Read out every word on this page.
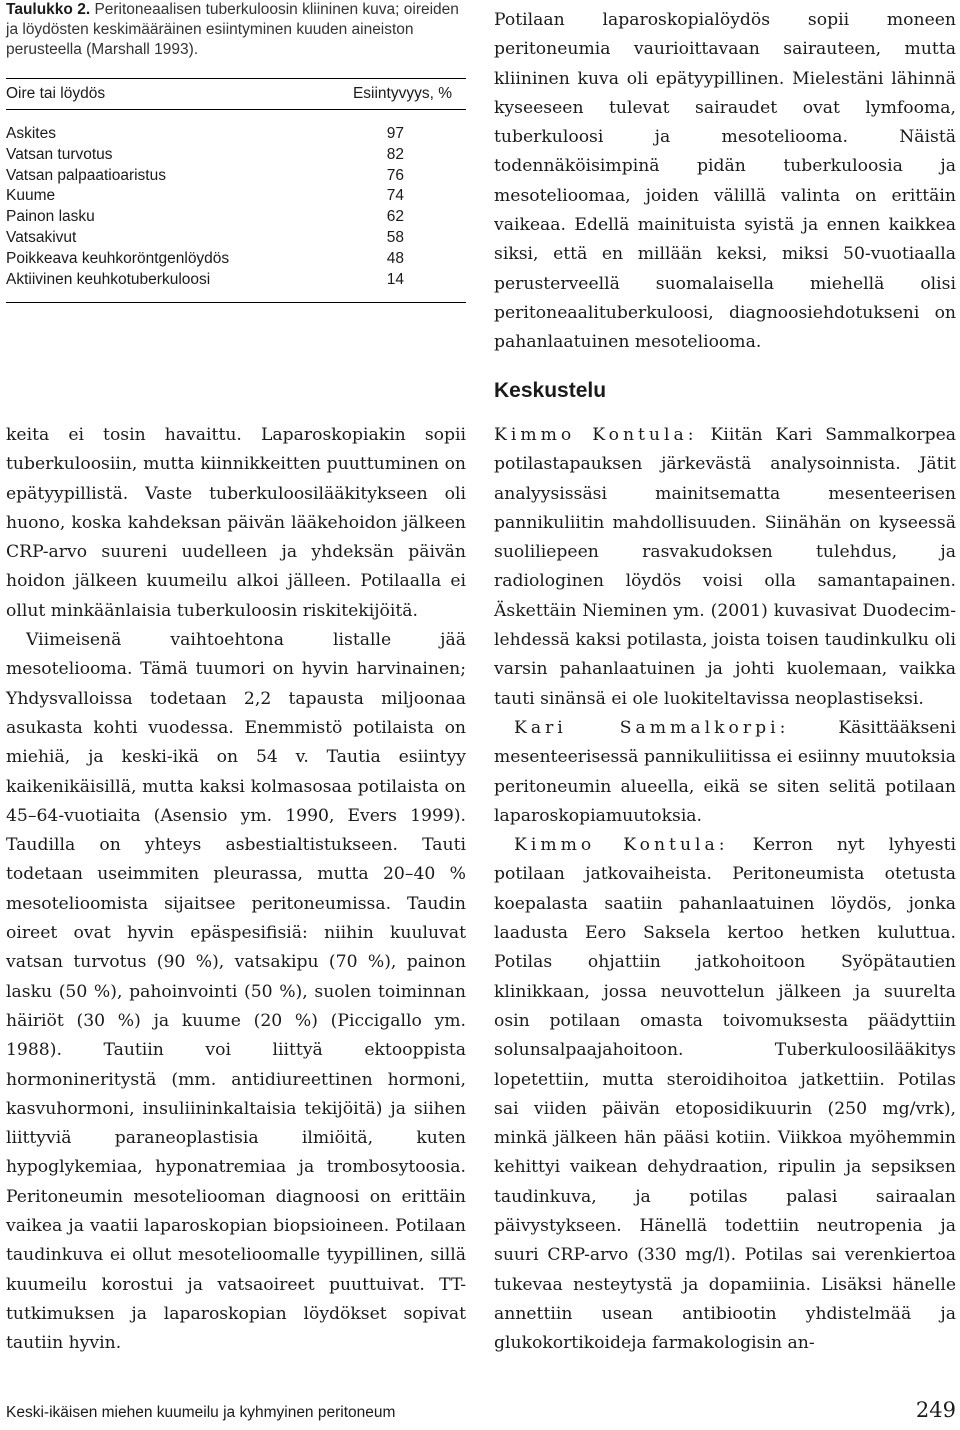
Taulukko 2. Peritoneaalisen tuberkuloosin kliininen kuva; oireiden ja löydösten keskimääräinen esiintyminen kuuden aineiston perusteella (Marshall 1993).
Oire tai löydös	Esiintyvyys, %
Askites	97
Vatsan turvotus	82
Vatsan palpaatioaristus	76
Kuume	74
Painon lasku	62
Vatsakivut	58
Poikkeava keuhkoröntgenlöydös	48
Aktiivinen keuhkotuberkuloosi	14

Potilaan laparoskopialöydös sopii moneen peritoneumia vaurioittavaan sairauteen, mutta kliininen kuva oli epätyypillinen. Mielestäni lähinnä kyseeseen tulevat sairaudet ovat lymfooma, tuberkuloosi ja mesoteliooma. Näistä todennäköisimpinä pidän tuberkuloosia ja mesotelioomaa, joiden välillä valinta on erittäin vaikeaa. Edellä mainituista syistä ja ennen kaikkea siksi, että en millään keksi, miksi 50-vuotiaalla perusterveellä suomalaisella miehellä olisi peritoneaalituberkuloosi, diagnoosiehdotukseni on pahanlaatuinen mesoteliooma.

Keskustelu

keita ei tosin havaittu. Laparoskopiakin sopii tuberkuloosiin, mutta kiinnikkeitten puuttuminen on epätyypillistä. Vaste tuberkuloosilääkitykseen oli huono, koska kahdeksan päivän lääkehoidon jälkeen CRP-arvo suureni uudelleen ja yhdeksän päivän hoidon jälkeen kuumeilu alkoi jälleen. Potilaalla ei ollut minkäänlaisia tuberkuloosin riskitekijöitä.

Viimeisenä vaihtoehtona listalle jää mesoteliooma. Tämä tuumori on hyvin harvinainen; Yhdysvalloissa todetaan 2,2 tapausta miljoonaa asukasta kohti vuodessa. Enemmistö potilaista on miehiä, ja keski-ikä on 54 v. Tautia esiintyy kaikenikäisillä, mutta kaksi kolmasosaa potilaista on 45–64-vuotiaita (Asensio ym. 1990, Evers 1999). Taudilla on yhteys asbestialtistukseen. Tauti todetaan useimmiten pleurassa, mutta 20–40 % mesotelioomista sijaitsee peritoneumissa. Taudin oireet ovat hyvin epäspesifisiä: niihin kuuluvat vatsan turvotus (90 %), vatsakipu (70 %), painon lasku (50 %), pahoinvointi (50 %), suolen toiminnan häiriöt (30 %) ja kuume (20 %) (Piccigallo ym. 1988). Tautiin voi liittyä ektooppista hormonineritystä (mm. antidiureettinen hormoni, kasvuhormoni, insuliininkaltaisia tekijöitä) ja siihen liittyviä paraneoplastisia ilmiöitä, kuten hypoglykemiaa, hyponatremiaa ja trombosytoosia. Peritoneumin mesoteliooman diagnoosi on erittäin vaikea ja vaatii laparoskopian biopsioineen. Potilaan taudinkuva ei ollut mesotelioomalle tyypillinen, sillä kuumeilu korostui ja vatsaoireet puuttuivat. TT-tutkimuksen ja laparoskopian löydökset sopivat tautiin hyvin.

Kimmo Kontula: Kiitän Kari Sammalkorpea potilastapauksen järkevästä analysoinnista. Jätit analyysissäsi mainitsematta mesenteerisen pannikuliitin mahdollisuuden. Siinähän on kyseessä suoliliepeen rasvakudoksen tulehdus, ja radiologinen löydös voisi olla samantapainen. Äskettäin Nieminen ym. (2001) kuvasivat Duodecim-lehdessä kaksi potilasta, joista toisen taudinkulku oli varsin pahanlaatuinen ja johti kuolemaan, vaikka tauti sinänsä ei ole luokiteltavissa neoplastiseksi.

Kari Sammalkorpi:	Käsittääkseni mesenteerisessä pannikuliitissa ei esiinny muutoksia peritoneumin alueella, eikä se siten selitä potilaan laparoskopiamuutoksia.

Kimmo Kontula: Kerron nyt lyhyesti potilaan jatkovaiheista. Peritoneumista otetusta koepalasta saatiin pahanlaatuinen löydös, jonka laadusta Eero Saksela kertoo hetken kuluttua. Potilas ohjattiin jatkohoitoon Syöpätautien klinikkaan, jossa neuvottelun jälkeen ja suurelta osin potilaan omasta toivomuksesta päädyttiin solunsalpaajahoitoon. Tuberkuloosilääkitys lopetettiin, mutta steroidihoitoa jatkettiin. Potilas sai viiden päivän etoposidikuurin (250 mg/vrk), minkä jälkeen hän pääsi kotiin. Viikkoa myöhemmin kehittyi vaikean dehydraation, ripulin ja sepsiksen taudinkuva, ja potilas palasi sairaalan päivystykseen. Hänellä todettiin neutropenia ja suuri CRP-arvo (330 mg/l). Potilas sai verenkiertoa tukevaa nesteytystä ja dopamiinia. Lisäksi hänelle annettiin usean antibiootin yhdistelmää ja glukokortikoideja farmakologisin an-

Keski-ikäisen miehen kuumeilu ja kyhmyinen peritoneum	249
